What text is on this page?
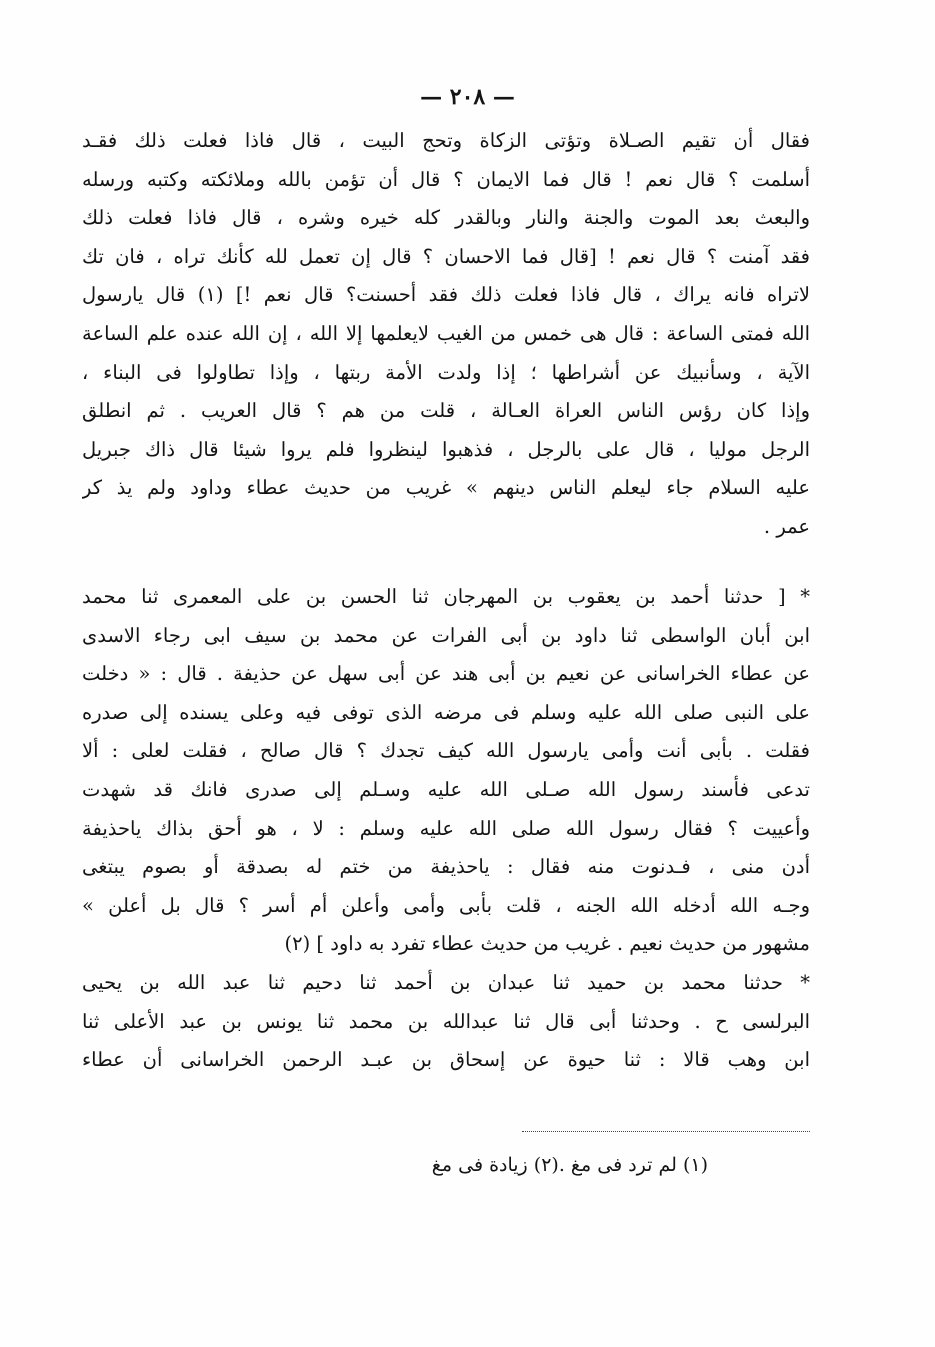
— ٢٠٨ —
فقال أن تقيم الصـلاة وتؤتى الزكاة وتحج البيت ، قال فاذا فعلت ذلك فقـد
أسلمت ؟ قال نعم ! قال فما الايمان ؟ قال أن تؤمن بالله وملائكته وكتبه ورسله
والبعث بعد الموت والجنة والنار وبالقدر كله خيره وشره ، قال فاذا فعلت ذلك
فقد آمنت ؟ قال نعم ! [قال فما الاحسان ؟ قال إن تعمل لله كأنك تراه ، فان تك
لاتراه فانه يراك ، قال فاذا فعلت ذلك فقد أحسنت؟ قال نعم !] (١) قال يارسول
الله فمتى الساعة : قال هى خمس من الغيب لايعلمها إلا الله ، إن الله عنده علم الساعة
الآية ، وسأنبيك عن أشراطها ؛ إذا ولدت الأمة ربتها ، وإذا تطاولوا فى البناء ،
وإذا كان رؤس الناس العراة العـالة ، قلت من هم ؟ قال العريب . ثم انطلق
الرجل موليا ، قال على بالرجل ، فذهبوا لينظروا فلم يروا شيئا قال ذاك جبريل
عليه السلام جاء ليعلم الناس دينهم » غريب من حديث عطاء وداود ولم يذ كر
عمر .
* [ حدثنا أحمد بن يعقوب بن المهرجان ثنا الحسن بن على المعمرى ثنا محمد
ابن أبان الواسطى ثنا داود بن أبى الفرات عن محمد بن سيف ابى رجاء الاسدى
عن عطاء الخراسانى عن نعيم بن أبى هند عن أبى سهل عن حذيفة . قال : « دخلت
على النبى صلى الله عليه وسلم فى مرضه الذى توفى فيه وعلى يسنده إلى صدره
فقلت . بأبى أنت وأمى يارسول الله كيف تجدك ؟ قال صالح ، فقلت لعلى : ألا
تدعى فأسند رسول الله صـلى الله عليه وسـلم إلى صدرى فانك قد شهدت
وأعييت ؟ فقال رسول الله صلى الله عليه وسلم : لا ، هو أحق بذاك ياحذيفة
أدن منى ، فـدنوت منه فقال : ياحذيفة من ختم له بصدقة أو بصوم يبتغى
وجـه الله أدخله الله الجنه ، قلت بأبى وأمى وأعلن أم أسر ؟ قال بل أعلن »
مشهور من حديث نعيم . غريب من حديث عطاء تفرد به داود ] (٢)
* حدثنا محمد بن حميد ثنا عبدان بن أحمد ثنا دحيم ثنا عبد الله بن يحيى
البرلسى ح . وحدثنا أبى قال ثنا عبدالله بن محمد ثنا يونس بن عبد الأعلى ثنا
ابن وهب قالا : ثنا حيوة عن إسحاق بن عبـد الرحمن الخراسانى أن عطاء
(١) لم ترد فى مغ .(٢) زيادة فى مغ
